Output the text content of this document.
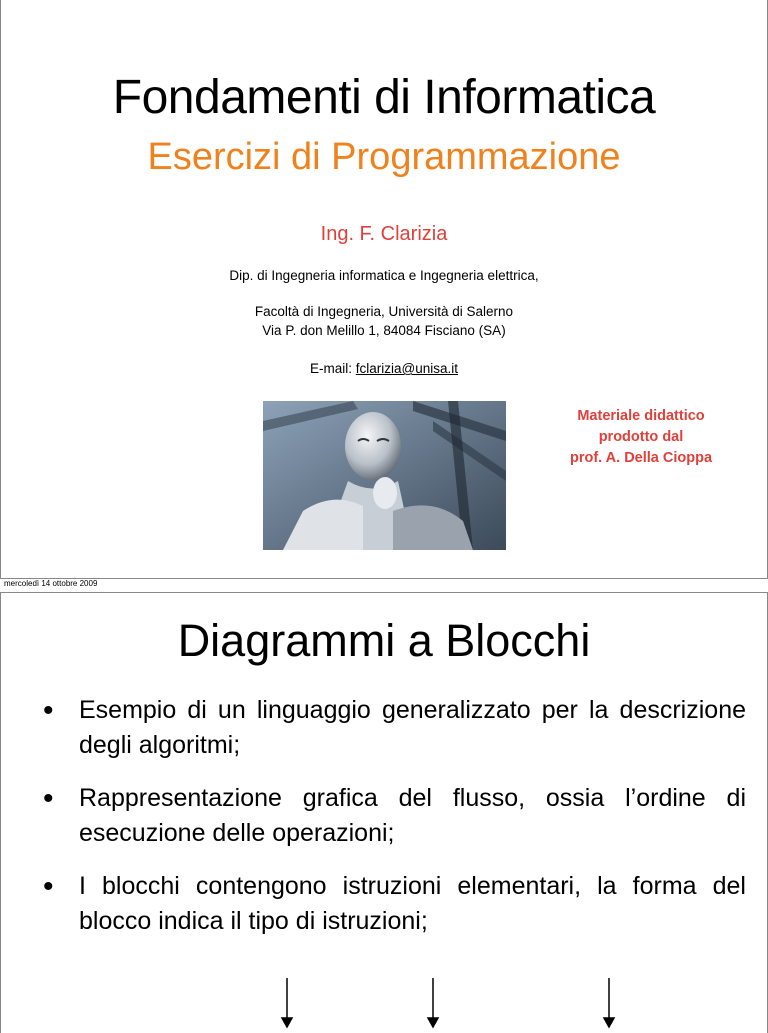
Fondamenti di Informatica
Esercizi di Programmazione
Ing. F. Clarizia
Dip. di Ingegneria informatica e Ingegneria elettrica,
Facoltà di Ingegneria, Università di Salerno
Via P. don Melillo 1, 84084 Fisciano (SA)
E-mail: fclarizia@unisa.it
Materiale didattico
prodotto dal
prof. A. Della Cioppa
mercoledì 14 ottobre 2009
Diagrammi a Blocchi
• Esempio di un linguaggio generalizzato per la descrizione degli algoritmi;
• Rappresentazione grafica del flusso, ossia l’ordine di esecuzione delle operazioni;
• I blocchi contengono istruzioni elementari, la forma del blocco indica il tipo di istruzioni;
